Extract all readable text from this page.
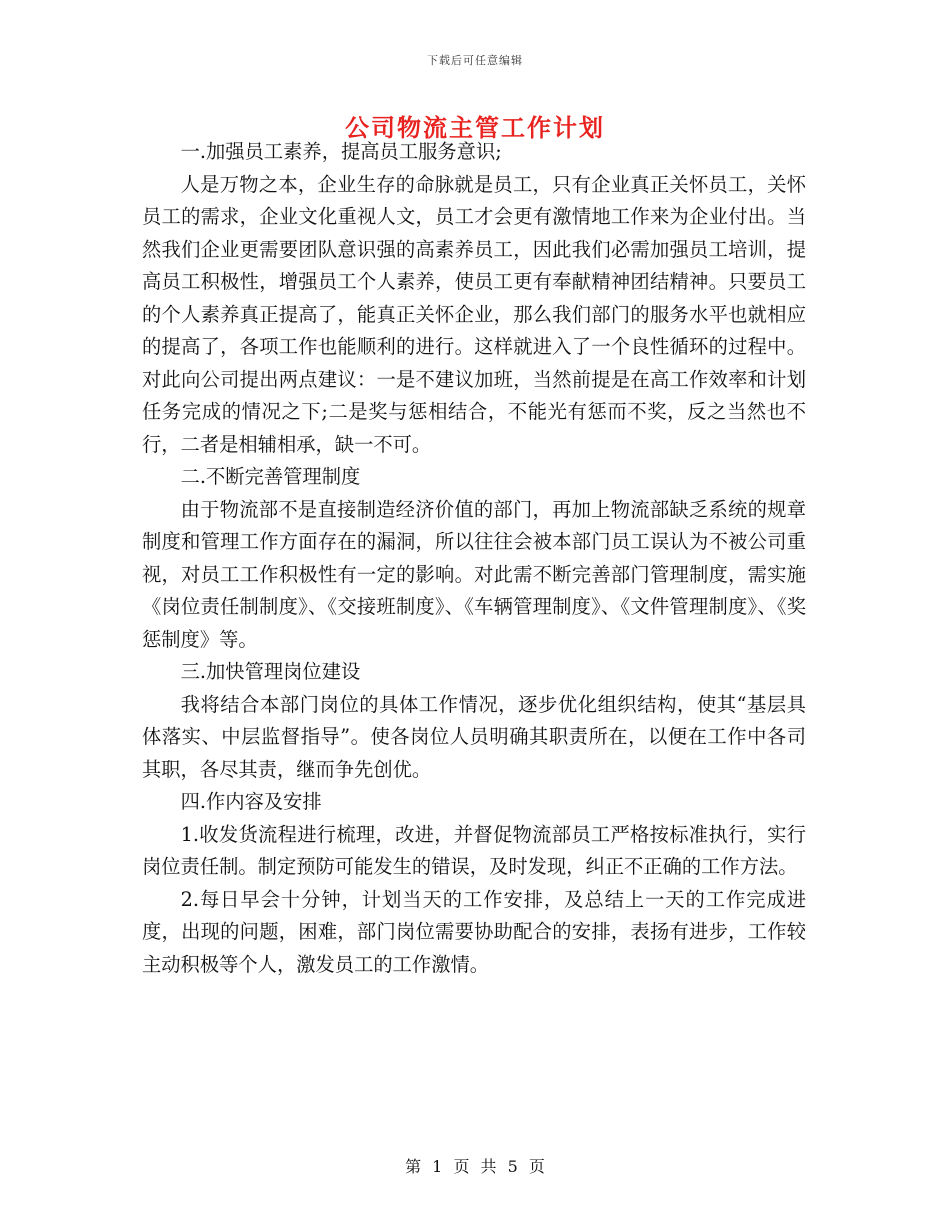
下载后可任意编辑
公司物流主管工作计划

一.加强员工素养，提高员工服务意识;

人是万物之本，企业生存的命脉就是员工，只有企业真正关怀员工，关怀员工的需求，企业文化重视人文，员工才会更有激情地工作来为企业付出。当然我们企业更需要团队意识强的高素养员工，因此我们必需加强员工培训，提高员工积极性，增强员工个人素养，使员工更有奉献精神团结精神。只要员工的个人素养真正提高了，能真正关怀企业，那么我们部门的服务水平也就相应的提高了，各项工作也能顺利的进行。这样就进入了一个良性循环的过程中。对此向公司提出两点建议：一是不建议加班，当然前提是在高工作效率和计划任务完成的情况之下;二是奖与惩相结合，不能光有惩而不奖，反之当然也不行，二者是相辅相承，缺一不可。

二.不断完善管理制度

由于物流部不是直接制造经济价值的部门，再加上物流部缺乏系统的规章制度和管理工作方面存在的漏洞，所以往往会被本部门员工误认为不被公司重视，对员工工作积极性有一定的影响。对此需不断完善部门管理制度，需实施《岗位责任制制度》、《交接班制度》、《车辆管理制度》、《文件管理制度》、《奖惩制度》等。

三.加快管理岗位建设

我将结合本部门岗位的具体工作情况，逐步优化组织结构，使其“基层具体落实、中层监督指导”。使各岗位人员明确其职责所在，以便在工作中各司其职，各尽其责，继而争先创优。

四.作内容及安排

1.收发货流程进行梳理，改进，并督促物流部员工严格按标准执行，实行岗位责任制。制定预防可能发生的错误，及时发现，纠正不正确的工作方法。

2.每日早会十分钟，计划当天的工作安排，及总结上一天的工作完成进度，出现的问题，困难，部门岗位需要协助配合的安排，表扬有进步，工作较主动积极等个人，激发员工的工作激情。

第 1 页 共 5 页
